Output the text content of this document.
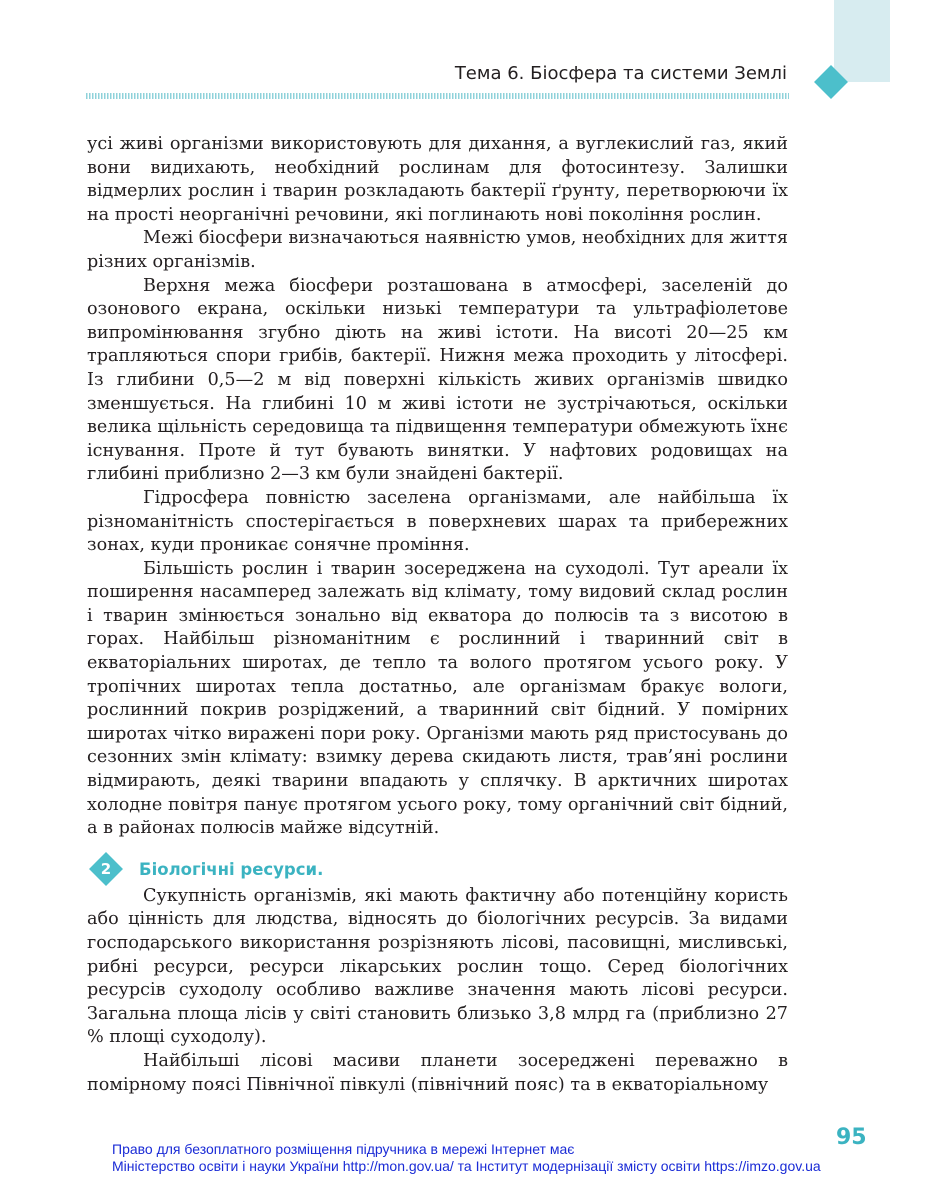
Тема 6. Біосфера та системи Землі

усі живі організми використовують для дихання, а вуглекислий газ, який вони видихають, необхідний рослинам для фотосинтезу. Залишки відмерлих рослин і тварин розкладають бактерії ґрунту, перетворюючи їх на прості неорганічні речовини, які поглинають нові покоління рослин.

Межі біосфери визначаються наявністю умов, необхідних для життя різних організмів.

Верхня межа біосфери розташована в атмосфері, заселеній до озонового екрана, оскільки низькі температури та ультрафіолетове випромінювання згубно діють на живі істоти. На висоті 20—25 км трапляються спори грибів, бактерії. Нижня межа проходить у літосфері. Із глибини 0,5—2 м від поверхні кількість живих організмів швидко зменшується. На глибині 10 м живі істоти не зустрічаються, оскільки велика щільність середовища та підвищення температури обмежують їхнє існування. Проте й тут бувають винятки. У нафтових родовищах на глибині приблизно 2—3 км були знайдені бактерії.

Гідросфера повністю заселена організмами, але найбільша їх різноманітність спостерігається в поверхневих шарах та прибережних зонах, куди проникає сонячне проміння.

Більшість рослин і тварин зосереджена на суходолі. Тут ареали їх поширення насамперед залежать від клімату, тому видовий склад рослин і тварин змінюється зонально від екватора до полюсів та з висотою в горах. Найбільш різноманітним є рослинний і тваринний світ в екваторіальних широтах, де тепло та волого протягом усього року. У тропічних широтах тепла достатньо, але організмам бракує вологи, рослинний покрив розріджений, а тваринний світ бідний. У помірних широтах чітко виражені пори року. Організми мають ряд пристосувань до сезонних змін клімату: взимку дерева скидають листя, трав’яні рослини відмирають, деякі тварини впадають у сплячку. В арктичних широтах холодне повітря панує протягом усього року, тому органічний світ бідний, а в районах полюсів майже відсутній.

2	Біологічні ресурси.

Сукупність організмів, які мають фактичну або потенційну користь або цінність для людства, відносять до біологічних ресурсів. За видами господарського використання розрізняють лісові, пасовищні, мисливські, рибні ресурси, ресурси лікарських рослин тощо. Серед біологічних ресурсів суходолу особливо важливе значення мають лісові ресурси. Загальна площа лісів у світі становить близько 3,8 млрд га (приблизно 27 % площі суходолу).

Найбільші лісові масиви планети зосереджені переважно в помірному поясі Північної півкулі (північний пояс) та в екваторіальному

95
Право для безоплатного розміщення підручника в мережі Інтернет має
Міністерство освіти і науки України http://mon.gov.ua/ та Інститут модернізації змісту освіти https://imzo.gov.ua
